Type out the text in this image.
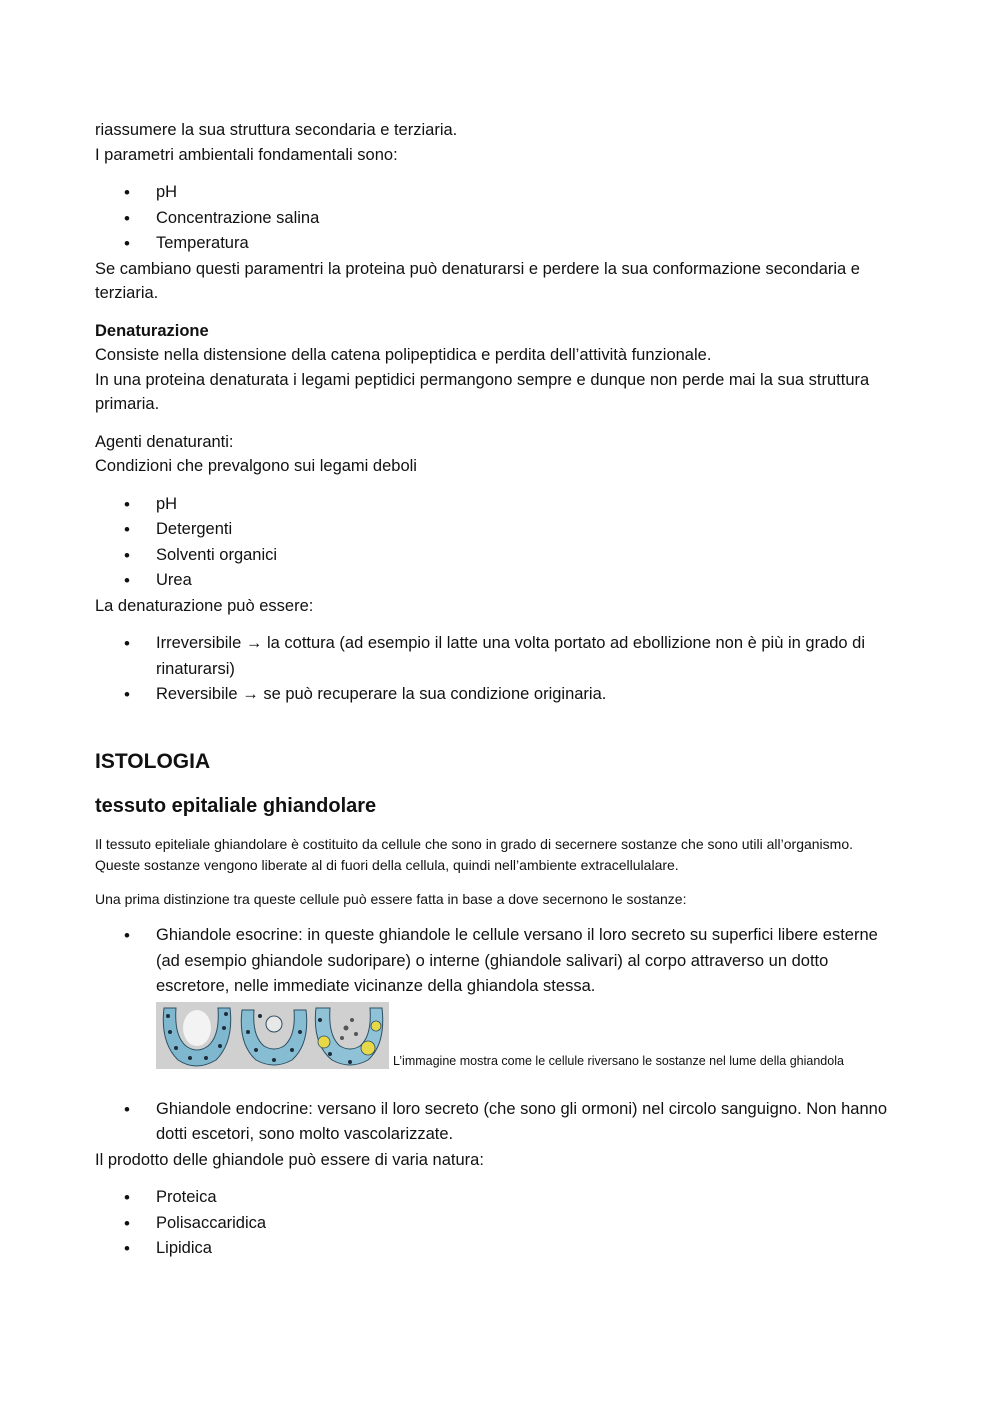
riassumere la sua struttura secondaria e terziaria.

I parametri ambientali fondamentali sono:

• pH
• Concentrazione salina
• Temperatura

Se cambiano questi paramentri la proteina può denaturarsi e perdere la sua conformazione secondaria e terziaria.

Denaturazione

Consiste nella distensione della catena polipeptidica e perdita dell’attività funzionale.

In una proteina denaturata i legami peptidici permangono sempre e dunque non perde mai la sua struttura primaria.

Agenti denaturanti:

Condizioni che prevalgono sui legami deboli

• pH
• Detergenti
• Solventi organici
• Urea

La denaturazione può essere:

• Irreversibile → la cottura (ad esempio il latte una volta portato ad ebollizione non è più in grado di rinaturarsi)
• Reversibile → se può recuperare la sua condizione originaria.

ISTOLOGIA

tessuto epitaliale ghiandolare

Il tessuto epiteliale ghiandolare è costituito da cellule che sono in grado di secernere sostanze che sono utili all’organismo.

Queste sostanze vengono liberate al di fuori della cellula, quindi nell’ambiente extracellulalare.

Una prima distinzione tra queste cellule può essere fatta in base a dove secernono le sostanze:

• Ghiandole esocrine: in queste ghiandole le cellule versano il loro secreto su superfici libere esterne (ad esempio ghiandole sudoripare) o interne (ghiandole salivari) al corpo attraverso un dotto escretore, nelle immediate vicinanze della ghiandola stessa.
L’immagine mostra come le cellule riversano le sostanze nel lume della ghiandola
• Ghiandole endocrine: versano il loro secreto (che sono gli ormoni) nel circolo sanguigno. Non hanno dotti escetori, sono molto vascolarizzate.

Il prodotto delle ghiandole può essere di varia natura:

• Proteica
• Polisaccaridica
• Lipidica
